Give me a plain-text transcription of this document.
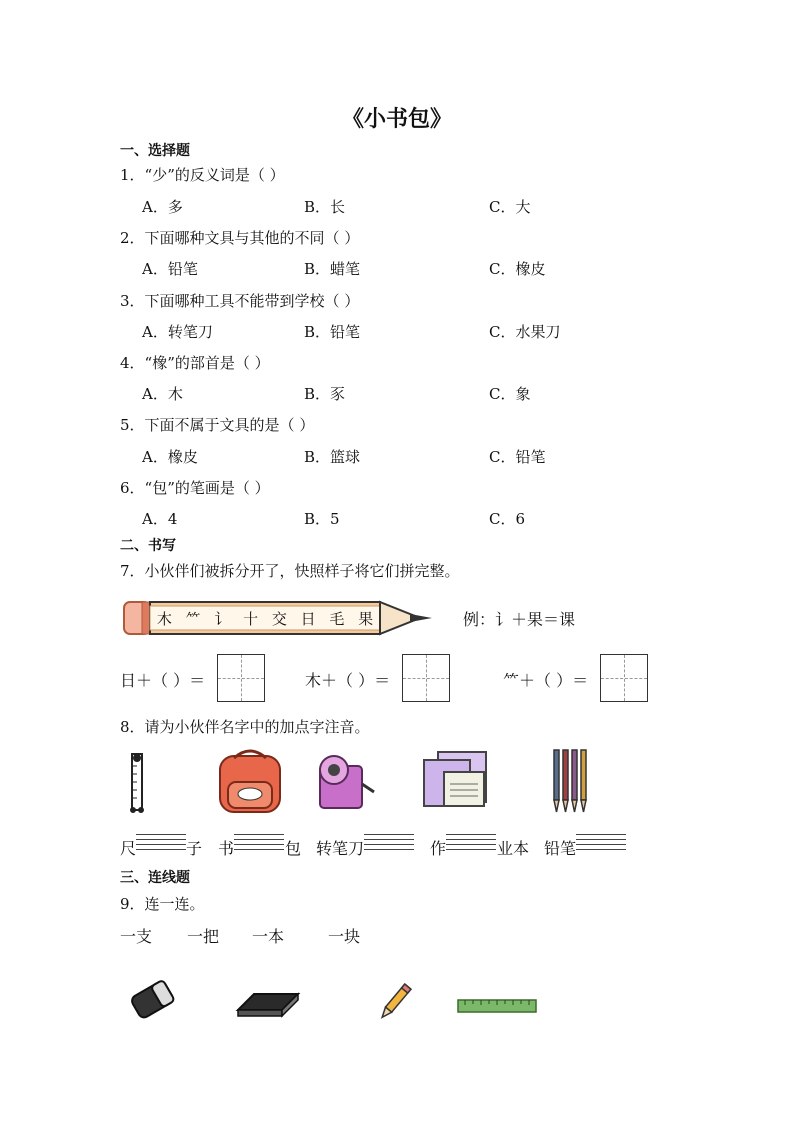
《小书包》
一、选择题
1．“少”的反义词是（ ）
A．多	B．长	C．大
2．下面哪种文具与其他的不同（ ）
A．铅笔	B．蜡笔	C．橡皮
3．下面哪种工具不能带到学校（ ）
A．转笔刀	B．铅笔	C．水果刀
4．“橡”的部首是（ ）
A．木	B．豕	C．象
5．下面不属于文具的是（ ）
A．橡皮	B．篮球	C．铅笔
6．“包”的笔画是（ ）
A．4	B．5	C．6
二、书写
7．小伙伴们被拆分开了，快照样子将它们拼完整。
木 ⺮ 讠 十 交 日 毛 果	例：讠＋果＝课
日＋（ ）＝	木＋（ ）＝	⺮＋（ ）＝
8．请为小伙伴名字中的加点字注音。
尺	子 书	包 转笔刀	作	业本 铅笔
三、连线题
9．连一连。
一支 一把 一本	一块
